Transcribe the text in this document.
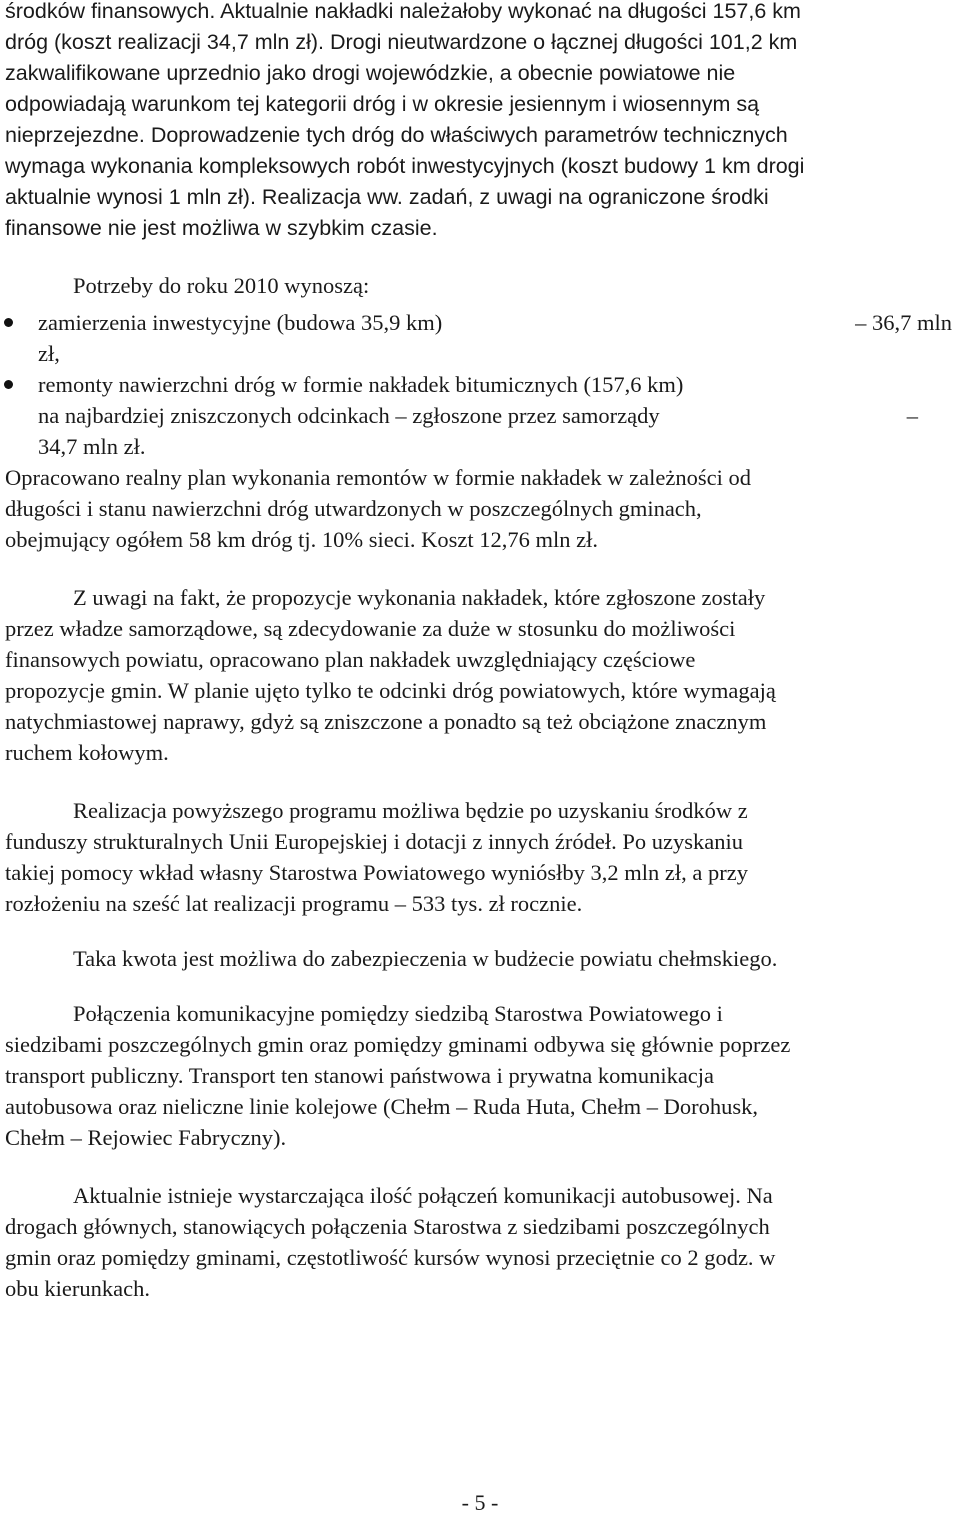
środków finansowych. Aktualnie nakładki należałoby wykonać na długości 157,6 km
dróg (koszt realizacji 34,7 mln zł). Drogi nieutwardzone o łącznej długości 101,2 km
zakwalifikowane uprzednio jako drogi wojewódzkie, a obecnie powiatowe nie
odpowiadają warunkom tej kategorii dróg i w okresie jesiennym i wiosennym są
nieprzejezdne. Doprowadzenie tych dróg do właściwych parametrów technicznych
wymaga wykonania kompleksowych robót inwestycyjnych (koszt budowy 1 km drogi
aktualnie wynosi 1 mln zł). Realizacja ww. zadań, z uwagi na ograniczone środki
finansowe nie jest możliwa w szybkim czasie.
Potrzeby do roku 2010 wynoszą:
zamierzenia inwestycyjne (budowa 35,9 km)	– 36,7 mln
zł,
remonty nawierzchni dróg w formie nakładek bitumicznych (157,6 km)
na najbardziej zniszczonych odcinkach – zgłoszone przez samorządy	–
34,7 mln zł.
Opracowano realny plan wykonania remontów w formie nakładek w zależności od
długości i stanu nawierzchni dróg utwardzonych w poszczególnych gminach,
obejmujący ogółem 58 km dróg tj. 10% sieci. Koszt 12,76 mln zł.
Z uwagi na fakt, że propozycje wykonania nakładek, które zgłoszone zostały
przez władze samorządowe, są zdecydowanie za duże w stosunku do możliwości
finansowych powiatu, opracowano plan nakładek uwzględniający częściowe
propozycje gmin. W planie ujęto tylko te odcinki dróg powiatowych, które wymagają
natychmiastowej naprawy, gdyż są zniszczone a ponadto są też obciążone znacznym
ruchem kołowym.
Realizacja powyższego programu możliwa będzie po uzyskaniu środków z
funduszy strukturalnych Unii Europejskiej i dotacji z innych źródeł. Po uzyskaniu
takiej pomocy wkład własny Starostwa Powiatowego wyniósłby 3,2 mln zł, a przy
rozłożeniu na sześć lat realizacji programu – 533 tys. zł rocznie.
Taka kwota jest możliwa do zabezpieczenia w budżecie powiatu chełmskiego.
Połączenia komunikacyjne pomiędzy siedzibą Starostwa Powiatowego i
siedzibami poszczególnych gmin oraz pomiędzy gminami odbywa się głównie poprzez
transport publiczny. Transport ten stanowi państwowa i prywatna komunikacja
autobusowa oraz nieliczne linie kolejowe (Chełm – Ruda Huta, Chełm – Dorohusk,
Chełm – Rejowiec Fabryczny).
Aktualnie istnieje wystarczająca ilość połączeń komunikacji autobusowej. Na
drogach głównych, stanowiących połączenia Starostwa z siedzibami poszczególnych
gmin oraz pomiędzy gminami, częstotliwość kursów wynosi przeciętnie co 2 godz. w
obu kierunkach.
- 5 -
